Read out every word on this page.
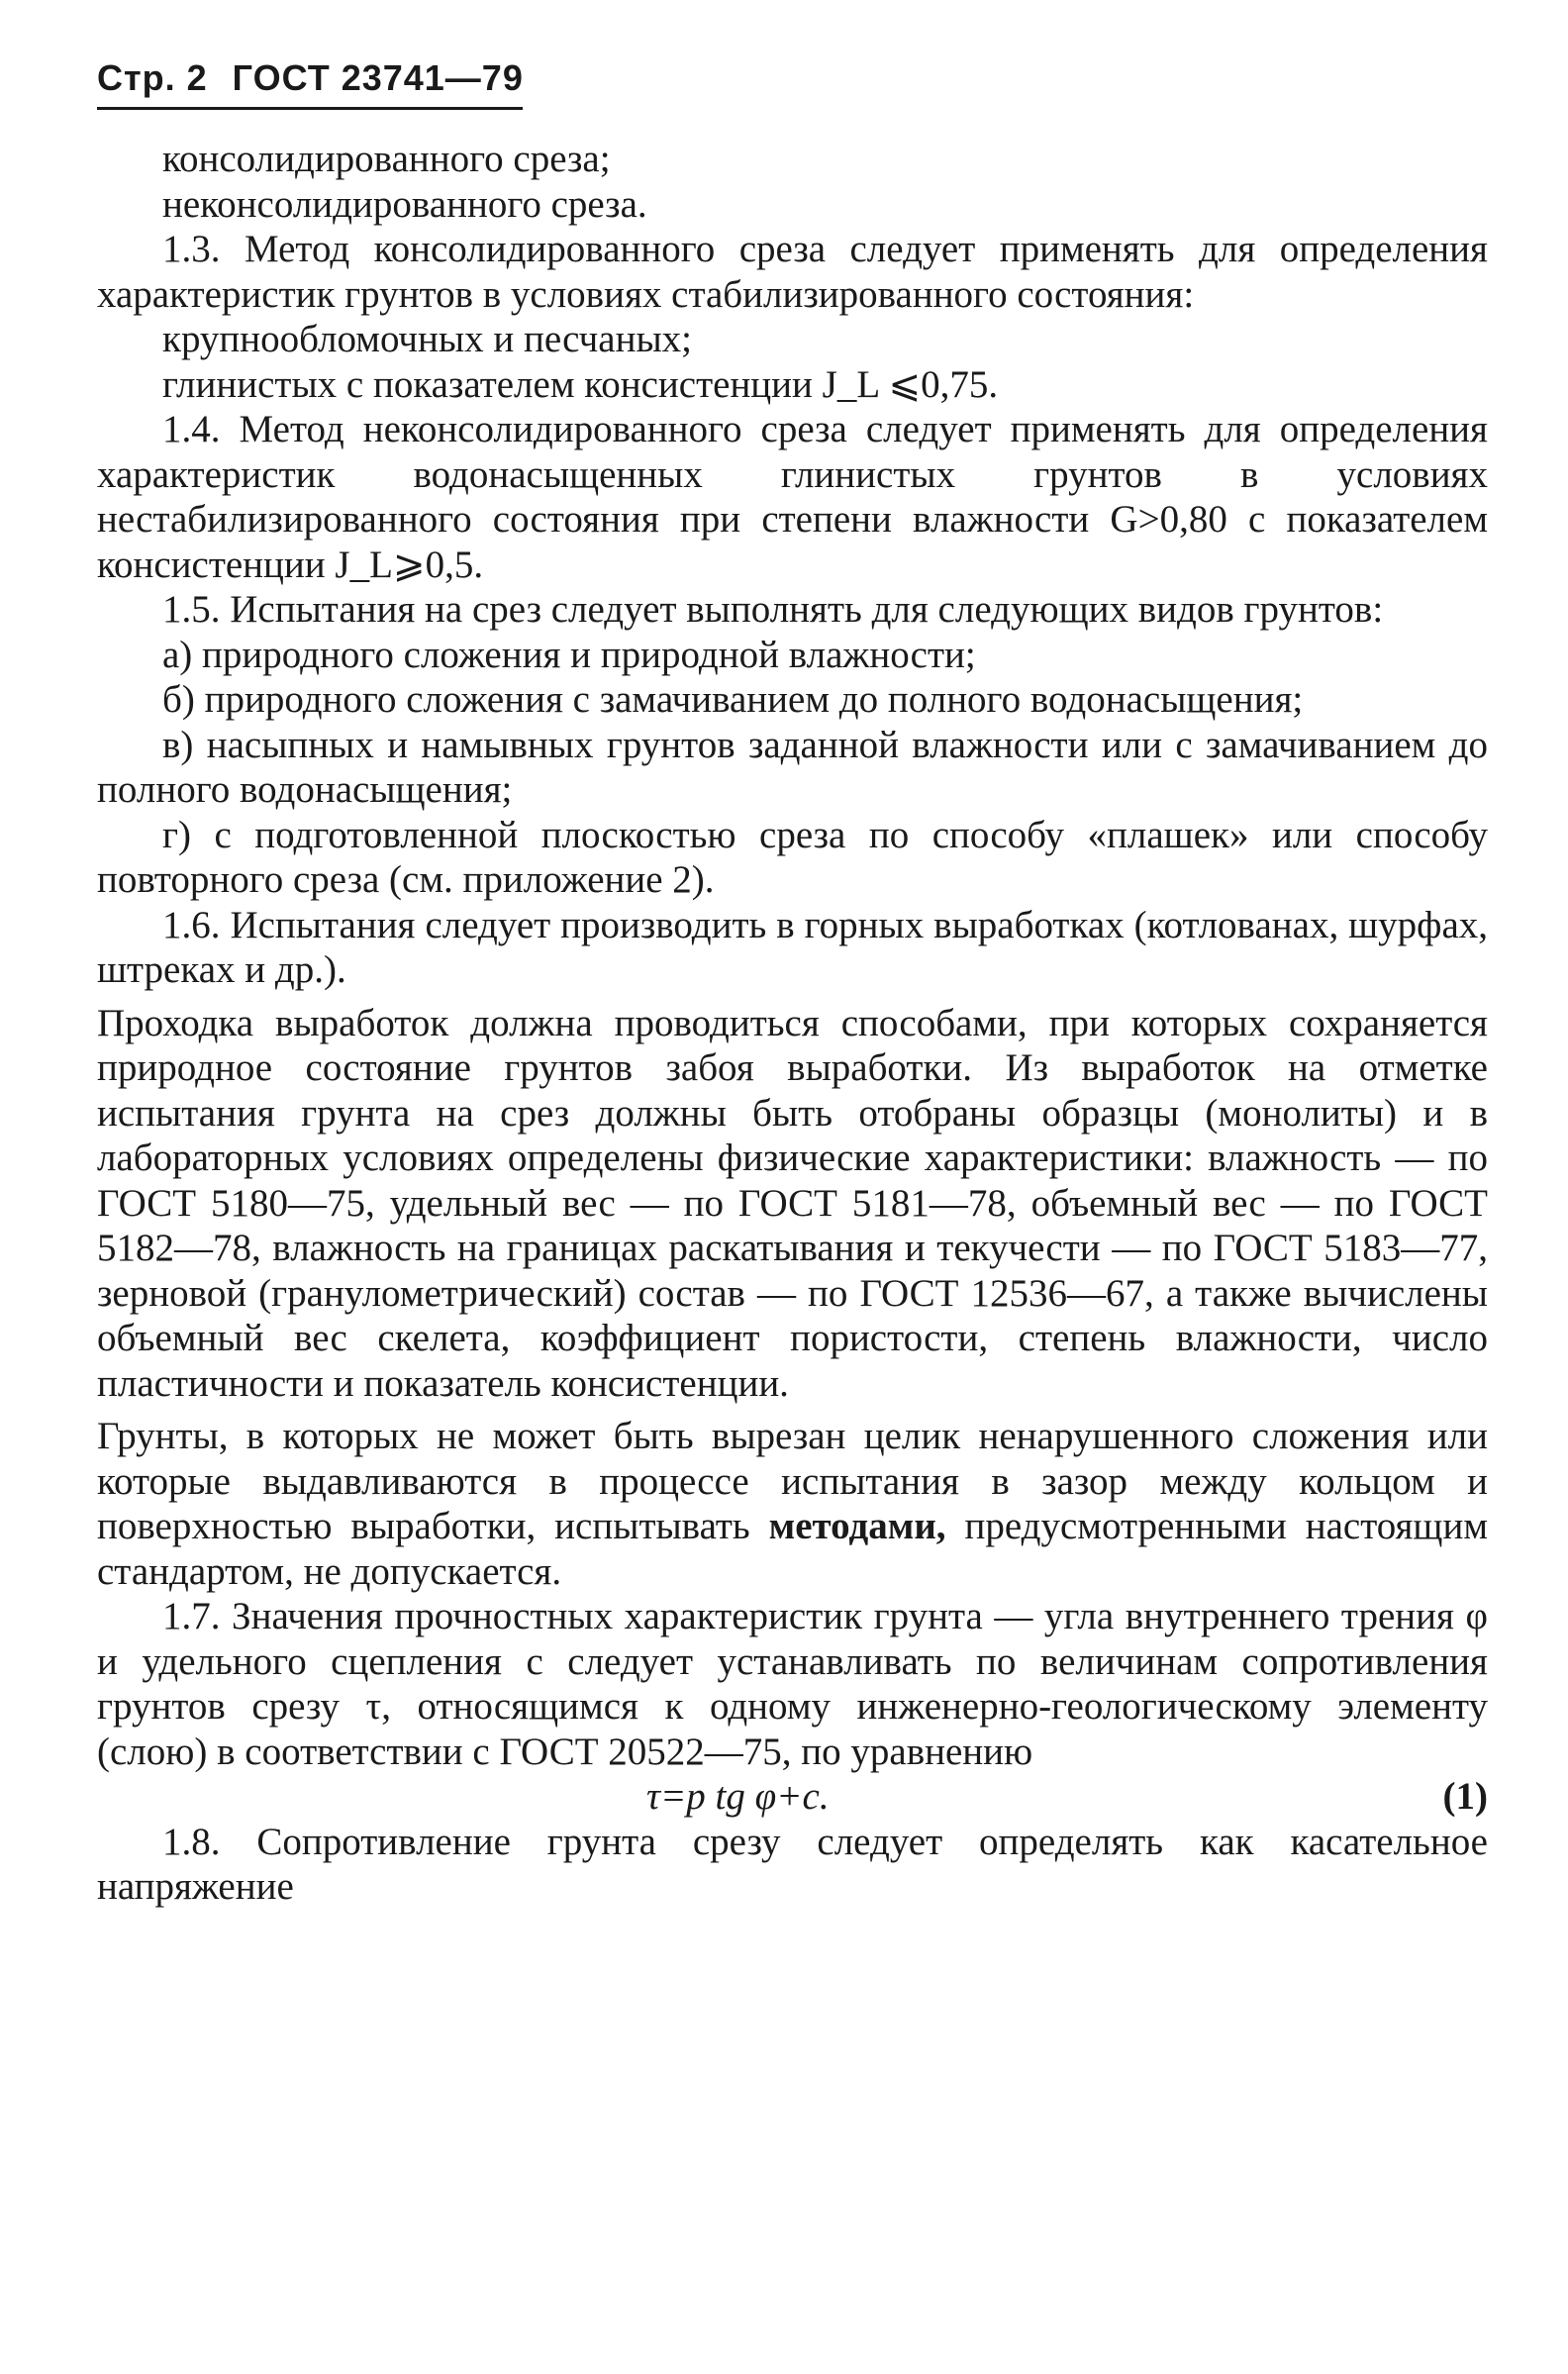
Стр. 2 ГОСТ 23741—79

консолидированного среза;

неконсолидированного среза.

1.3. Метод консолидированного среза следует применять для определения характеристик грунтов в условиях стабилизированного состояния:

крупнообломочных и песчаных;

глинистых с показателем консистенции J_L ⩽0,75.

1.4. Метод неконсолидированного среза следует применять для определения характеристик водонасыщенных глинистых грунтов в условиях нестабилизированного состояния при степени влажности G>0,80 с показателем консистенции J_L⩾0,5.

1.5. Испытания на срез следует выполнять для следующих видов грунтов:

а) природного сложения и природной влажности;

б) природного сложения с замачиванием до полного водонасыщения;

в) насыпных и намывных грунтов заданной влажности или с замачиванием до полного водонасыщения;

г) с подготовленной плоскостью среза по способу «плашек» или способу повторного среза (см. приложение 2).

1.6. Испытания следует производить в горных выработках (котлованах, шурфах, штреках и др.).

Проходка выработок должна проводиться способами, при которых сохраняется природное состояние грунтов забоя выработки. Из выработок на отметке испытания грунта на срез должны быть отобраны образцы (монолиты) и в лабораторных условиях определены физические характеристики: влажность — по ГОСТ 5180—75, удельный вес — по ГОСТ 5181—78, объемный вес — по ГОСТ 5182—78, влажность на границах раскатывания и текучести — по ГОСТ 5183—77, зерновой (гранулометрический) состав — по ГОСТ 12536—67, а также вычислены объемный вес скелета, коэффициент пористости, степень влажности, число пластичности и показатель консистенции.

Грунты, в которых не может быть вырезан целик ненарушенного сложения или которые выдавливаются в процессе испытания в зазор между кольцом и поверхностью выработки, испытывать методами, предусмотренными настоящим стандартом, не допускается.

1.7. Значения прочностных характеристик грунта — угла внутреннего трения φ и удельного сцепления c следует устанавливать по величинам сопротивления грунтов срезу τ, относящимся к одному инженерно-геологическому элементу (слою) в соответствии с ГОСТ 20522—75, по уравнению

τ=p tg φ+c.	(1)

1.8. Сопротивление грунта срезу следует определять как касательное напряжение
